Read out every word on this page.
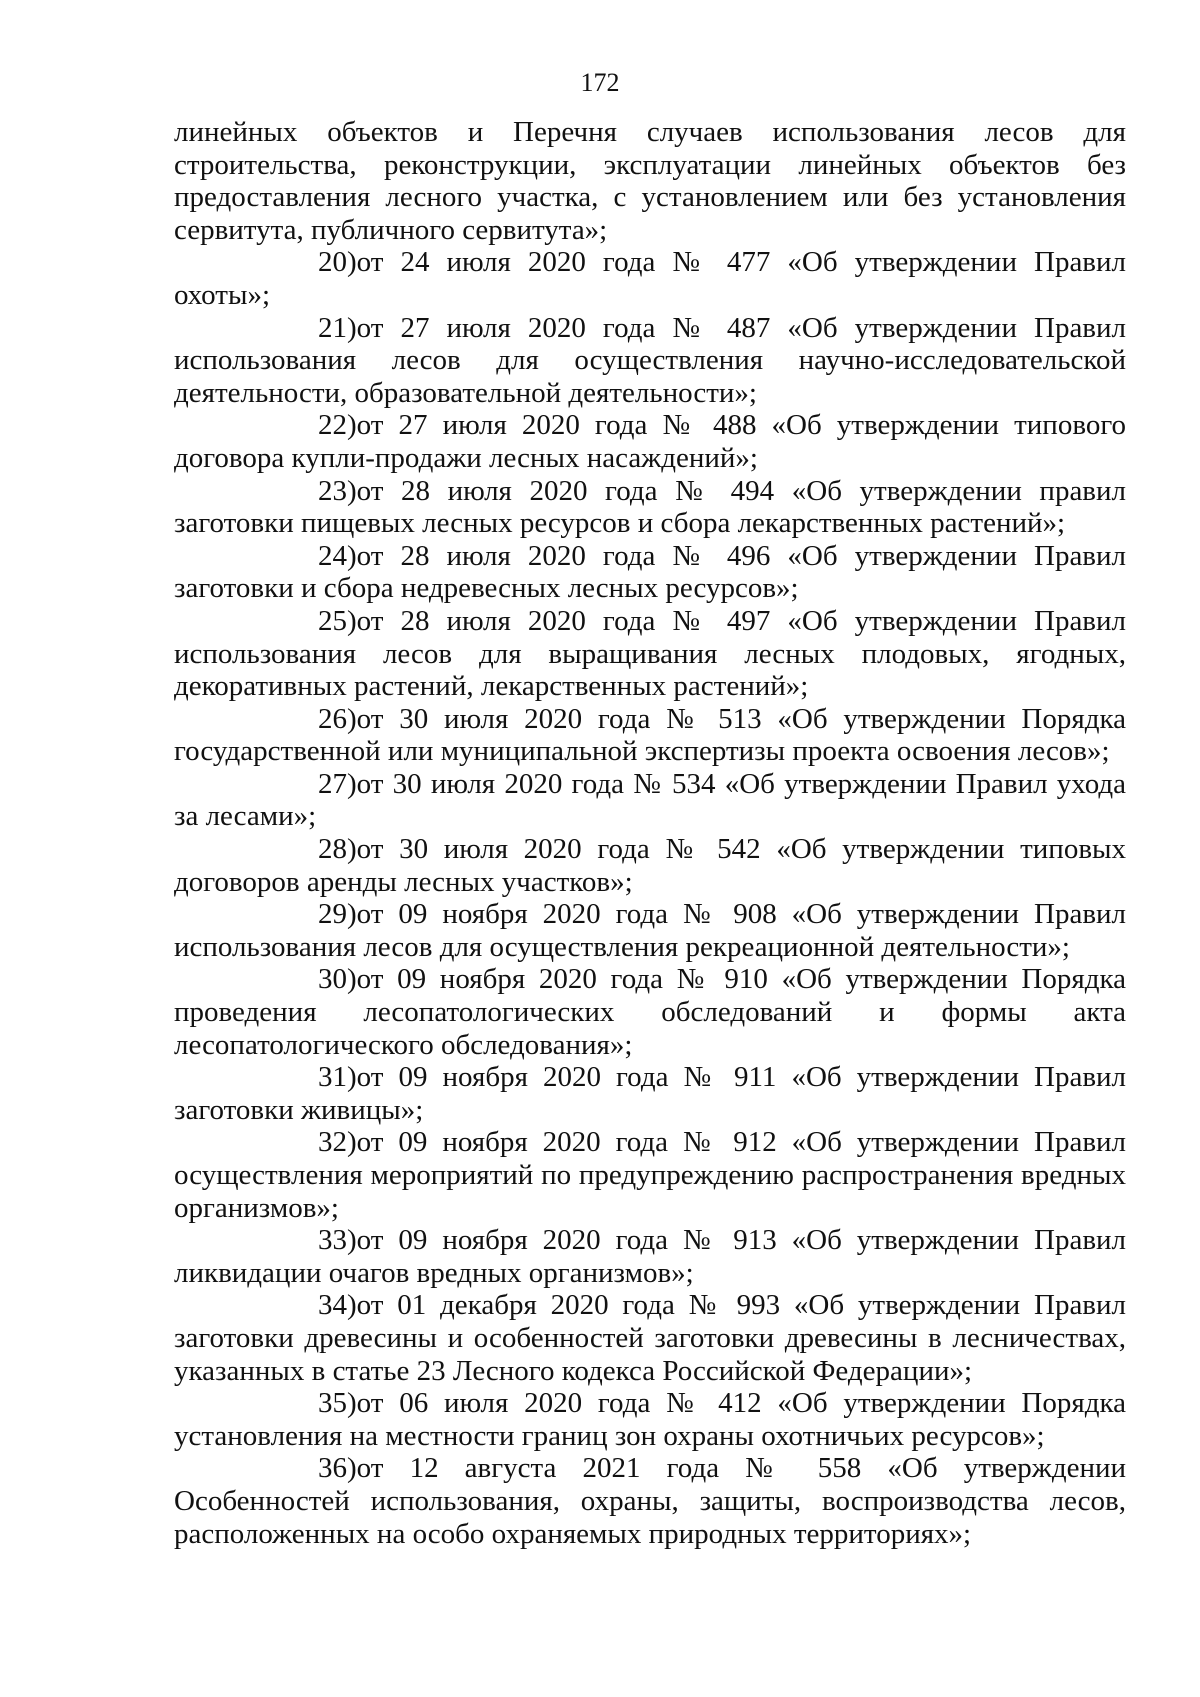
172

линейных объектов и Перечня случаев использования лесов для строительства, реконструкции, эксплуатации линейных объектов без предоставления лесного участка, с установлением или без установления сервитута, публичного сервитута»;

20)от 24 июля 2020 года № 477 «Об утверждении Правил охоты»;

21)от 27 июля 2020 года № 487 «Об утверждении Правил использования лесов для осуществления научно-исследовательской деятельности, образовательной деятельности»;

22)от 27 июля 2020 года № 488 «Об утверждении типового договора купли-продажи лесных насаждений»;

23)от 28 июля 2020 года № 494 «Об утверждении правил заготовки пищевых лесных ресурсов и сбора лекарственных растений»;

24)от 28 июля 2020 года № 496 «Об утверждении Правил заготовки и сбора недревесных лесных ресурсов»;

25)от 28 июля 2020 года № 497 «Об утверждении Правил использования лесов для выращивания лесных плодовых, ягодных, декоративных растений, лекарственных растений»;

26)от 30 июля 2020 года № 513 «Об утверждении Порядка государственной или муниципальной экспертизы проекта освоения лесов»;

27)от 30 июля 2020 года № 534 «Об утверждении Правил ухода за лесами»;

28)от 30 июля 2020 года № 542 «Об утверждении типовых договоров аренды лесных участков»;

29)от 09 ноября 2020 года № 908 «Об утверждении Правил использования лесов для осуществления рекреационной деятельности»;

30)от 09 ноября 2020 года № 910 «Об утверждении Порядка проведения лесопатологических обследований и формы акта лесопатологического обследования»;

31)от 09 ноября 2020 года № 911 «Об утверждении Правил заготовки живицы»;

32)от 09 ноября 2020 года № 912 «Об утверждении Правил осуществления мероприятий по предупреждению распространения вредных организмов»;

33)от 09 ноября 2020 года № 913 «Об утверждении Правил ликвидации очагов вредных организмов»;

34)от 01 декабря 2020 года № 993 «Об утверждении Правил заготовки древесины и особенностей заготовки древесины в лесничествах, указанных в статье 23 Лесного кодекса Российской Федерации»;

35)от 06 июля 2020 года № 412 «Об утверждении Порядка установления на местности границ зон охраны охотничьих ресурсов»;

36)от 12 августа 2021 года № 558 «Об утверждении Особенностей использования, охраны, защиты, воспроизводства лесов, расположенных на особо охраняемых природных территориях»;
